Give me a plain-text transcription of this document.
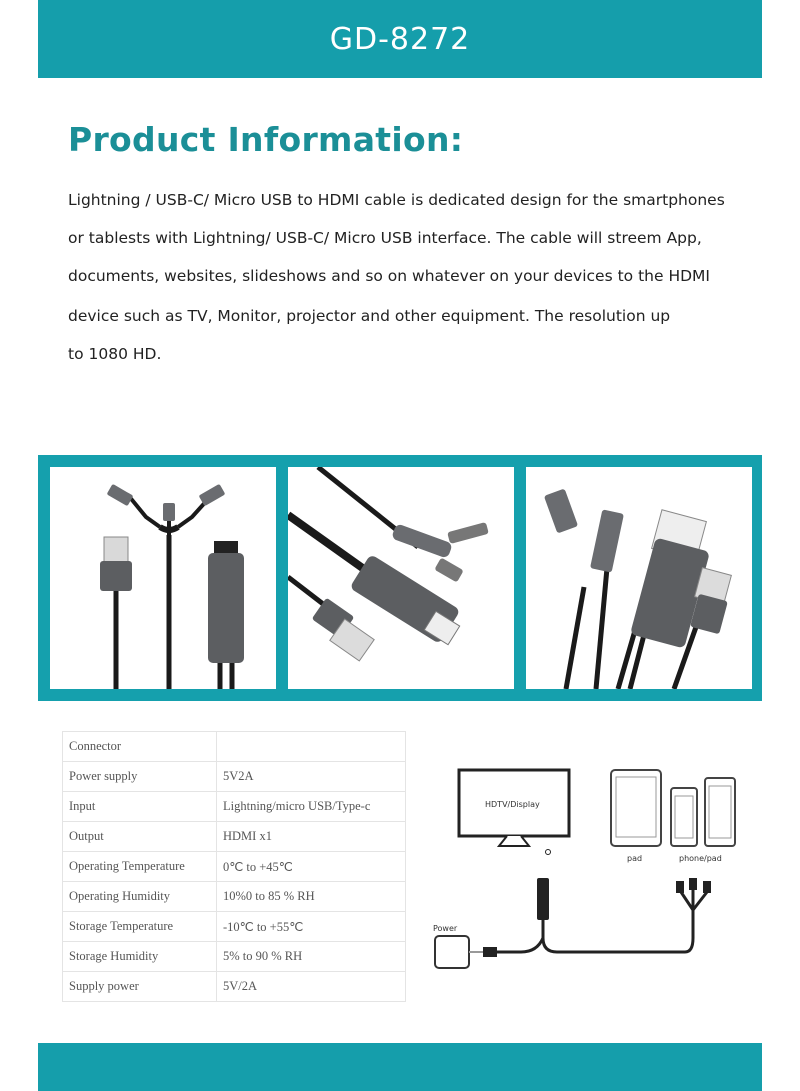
GD-8272
Product Information:
Lightning / USB-C/ Micro USB to HDMI cable is dedicated design for the smartphones
or tablests with Lightning/ USB-C/ Micro USB interface. The cable will streem App,
documents, websites, slideshows and so on whatever on your devices to the HDMI
device such as TV, Monitor, projector and other equipment. The resolution up
to 1080 HD.
Connector	
Power supply	5V2A
Input	Lightning/micro USB/Type-c
Output	HDMI x1
Operating Temperature	0℃ to +45℃
Operating Humidity	10%0 to 85 % RH
Storage Temperature	-10℃ to +55℃
Storage Humidity	5% to 90 % RH
Supply power	5V/2A
HDTV/Display
Power
pad	phone/pad
